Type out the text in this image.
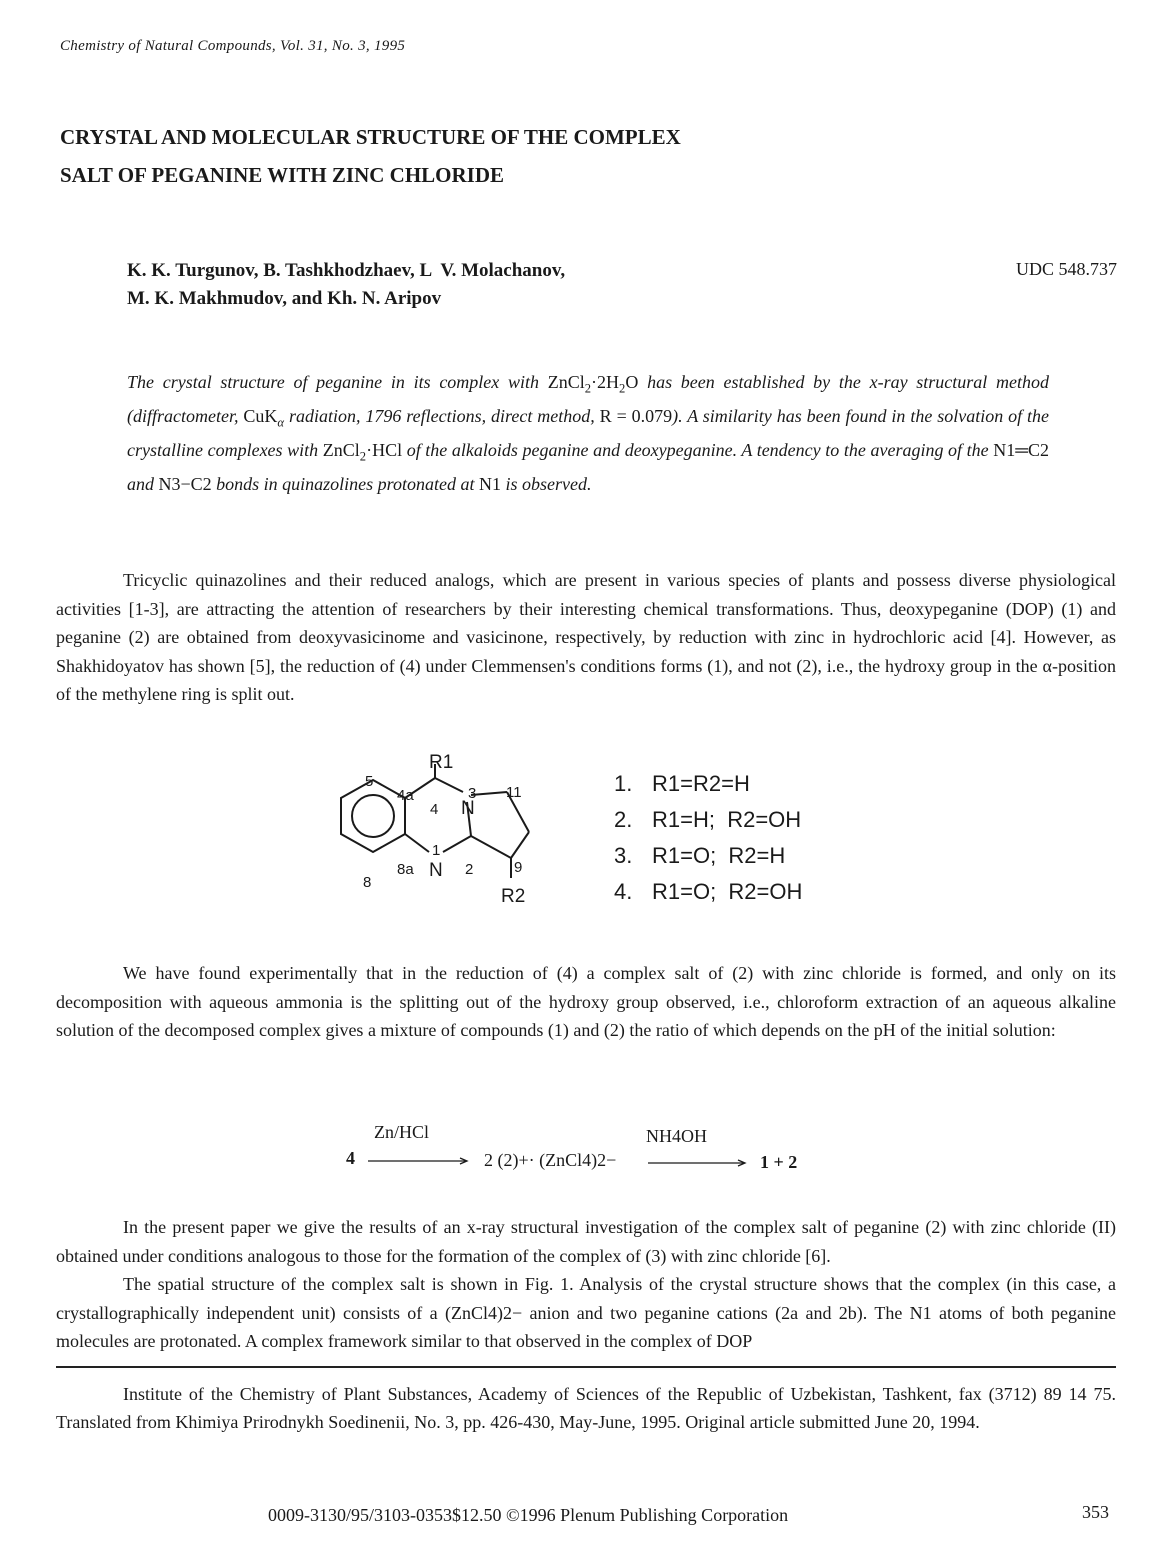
Chemistry of Natural Compounds, Vol. 31, No. 3, 1995
CRYSTAL AND MOLECULAR STRUCTURE OF THE COMPLEX
SALT OF PEGANINE WITH ZINC CHLORIDE
K. K. Turgunov, B. Tashkhodzhaev, L  V. Molachanov,
M. K. Makhmudov, and Kh. N. Aripov
UDC 548.737
The crystal structure of peganine in its complex with $ZnCl_2\cdot 2H_2O$ has been established by the x-ray structural method (diffractometer, CuK$_\alpha$ radiation, 1796 reflections, direct method, R = 0.079). A similarity has been found in the solvation of the crystalline complexes with ZnCl$_2$·HCl of the alkaloids peganine and deoxypeganine. A tendency to the averaging of the N1═C2 and N3−C2 bonds in quinazolines protonated at N1 is observed.

Tricyclic quinazolines and their reduced analogs, which are present in various species of plants and possess diverse physiological activities [1-3], are attracting the attention of researchers by their interesting chemical transformations. Thus, deoxypeganine (DOP) (1) and peganine (2) are obtained from deoxyvasicinome and vasicinone, respectively, by reduction with zinc in hydrochloric acid [4]. However, as Shakhidoyatov has shown [5], the reduction of (4) under Clemmensen's conditions forms (1), and not (2), i.e., the hydroxy group in the α-position of the methylene ring is split out.

R1
5
4a
4
3 11
1
8a
N
N 2	9
8
R2
1. R1=R2=H
2. R1=H;  R2=OH
3. R1=O;  R2=H
4. R1=O;  R2=OH

We have found experimentally that in the reduction of (4) a complex salt of (2) with zinc chloride is formed, and only on its decomposition with aqueous ammonia is the splitting out of the hydroxy group observed, i.e., chloroform extraction of an aqueous alkaline solution of the decomposed complex gives a mixture of compounds (1) and (2) the ratio of which depends on the pH of the initial solution:

Zn/HCl	NH4OH
4	2 (2)+· (ZnCl4)2−	1 + 2

In the present paper we give the results of an x-ray structural investigation of the complex salt of peganine (2) with zinc chloride (II) obtained under conditions analogous to those for the formation of the complex of (3) with zinc chloride [6].

The spatial structure of the complex salt is shown in Fig. 1. Analysis of the crystal structure shows that the complex (in this case, a crystallographically independent unit) consists of a (ZnCl4)2− anion and two peganine cations (2a and 2b). The N1 atoms of both peganine molecules are protonated. A complex framework similar to that observed in the complex of DOP

Institute of the Chemistry of Plant Substances, Academy of Sciences of the Republic of Uzbekistan, Tashkent, fax (3712) 89 14 75. Translated from Khimiya Prirodnykh Soedinenii, No. 3, pp. 426-430, May-June, 1995. Original article submitted June 20, 1994.

0009-3130/95/3103-0353$12.50 ©1996 Plenum Publishing Corporation	353
